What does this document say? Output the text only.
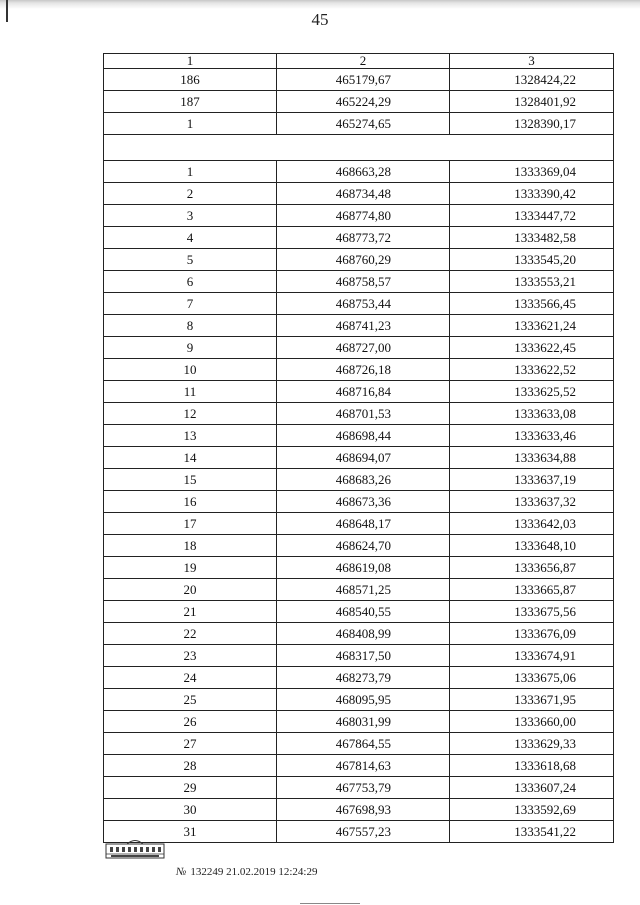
45
1	2	3
186	465179,67	1328424,22
187	465224,29	1328401,92
1	465274,65	1328390,17

1	468663,28	1333369,04
2	468734,48	1333390,42
3	468774,80	1333447,72
4	468773,72	1333482,58
5	468760,29	1333545,20
6	468758,57	1333553,21
7	468753,44	1333566,45
8	468741,23	1333621,24
9	468727,00	1333622,45
10	468726,18	1333622,52
11	468716,84	1333625,52
12	468701,53	1333633,08
13	468698,44	1333633,46
14	468694,07	1333634,88
15	468683,26	1333637,19
16	468673,36	1333637,32
17	468648,17	1333642,03
18	468624,70	1333648,10
19	468619,08	1333656,87
20	468571,25	1333665,87
21	468540,55	1333675,56
22	468408,99	1333676,09
23	468317,50	1333674,91
24	468273,79	1333675,06
25	468095,95	1333671,95
26	468031,99	1333660,00
27	467864,55	1333629,33
28	467814,63	1333618,68
29	467753,79	1333607,24
30	467698,93	1333592,69
31	467557,23	1333541,22
№ 132249 21.02.2019 12:24:29
